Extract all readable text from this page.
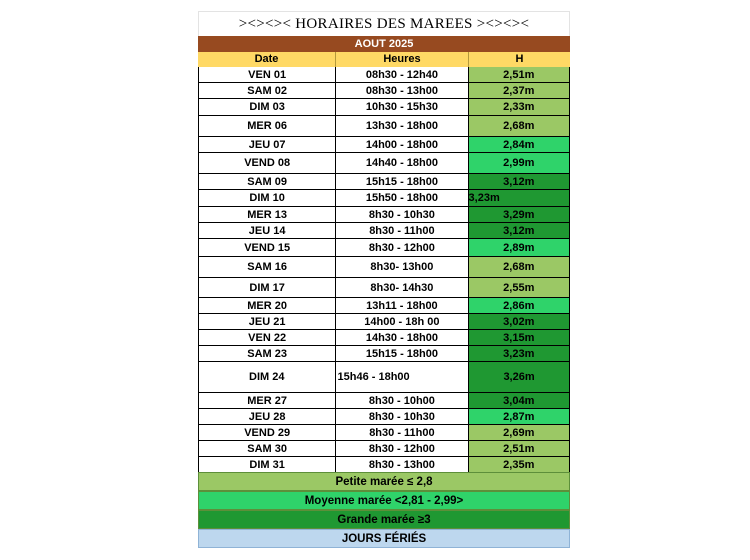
><><>< HORAIRES DES MAREES ><><><
AOUT 2025
Date	Heures	H
VEN 01	08h30 - 12h40	2,51m
SAM 02	08h30 - 13h00	2,37m
DIM 03	10h30 - 15h30	2,33m
MER 06	13h30 - 18h00	2,68m
JEU 07	14h00 - 18h00	2,84m
VEND 08	14h40 - 18h00	2,99m
SAM 09	15h15 - 18h00	3,12m
DIM 10	15h50 - 18h00	3,23m
MER 13	8h30 - 10h30	3,29m
JEU 14	8h30 - 11h00	3,12m
VEND 15	8h30 - 12h00	2,89m
SAM 16	8h30- 13h00	2,68m
DIM 17	8h30- 14h30	2,55m
MER 20	13h11 - 18h00	2,86m
JEU 21	14h00 - 18h 00	3,02m
VEN 22	14h30 - 18h00	3,15m
SAM 23	15h15 - 18h00	3,23m
DIM 24	15h46 - 18h00	3,26m
MER 27	8h30 - 10h00	3,04m
JEU 28	8h30 - 10h30	2,87m
VEND 29	8h30 - 11h00	2,69m
SAM 30	8h30 - 12h00	2,51m
DIM 31	8h30 - 13h00	2,35m
Petite marée ≤ 2,8
Moyenne marée <2,81 - 2,99>
Grande marée ≥3
JOURS FÉRIÉS
